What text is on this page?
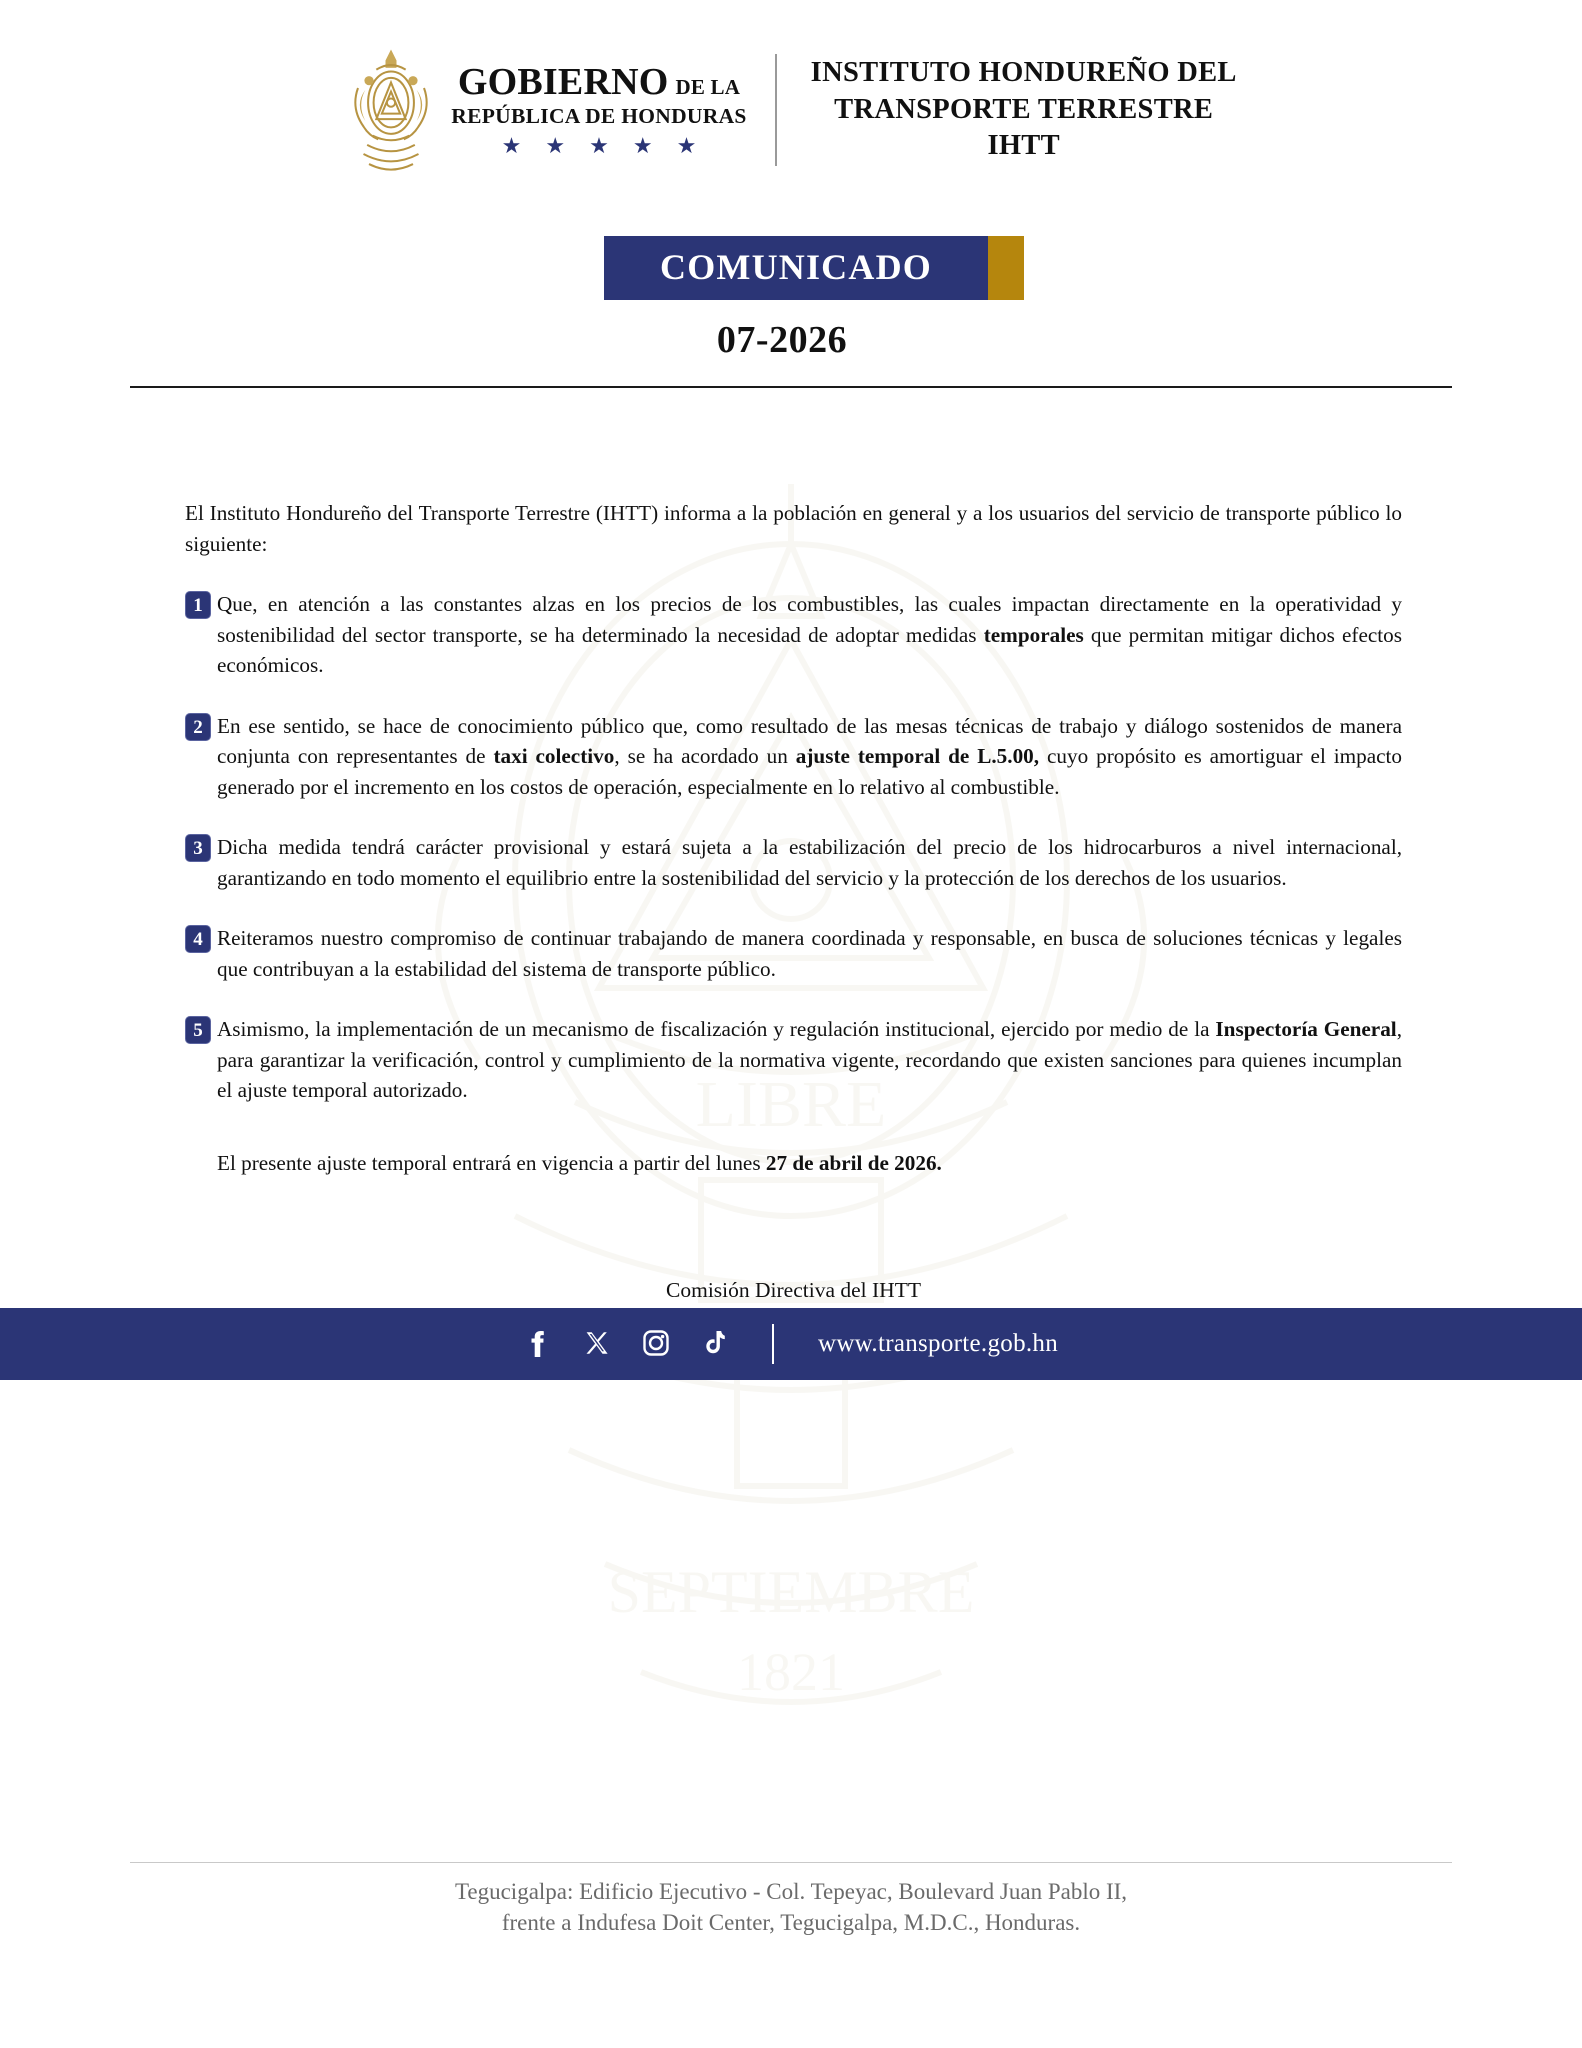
SEPTIEMBRE
1821
LIBRE
GOBIERNO DE LA
REPÚBLICA DE HONDURAS
★ ★ ★ ★ ★
INSTITUTO HONDUREÑO DEL
TRANSPORTE TERRESTRE
IHTT
COMUNICADO
07-2026
El Instituto Hondureño del Transporte Terrestre (IHTT) informa a la población en general y a los usuarios del servicio de transporte público lo siguiente:
1 Que, en atención a las constantes alzas en los precios de los combustibles, las cuales impactan directamente en la operatividad y sostenibilidad del sector transporte, se ha determinado la necesidad de adoptar medidas temporales que permitan mitigar dichos efectos económicos.
2 En ese sentido, se hace de conocimiento público que, como resultado de las mesas técnicas de trabajo y diálogo sostenidos de manera conjunta con representantes de taxi colectivo, se ha acordado un ajuste temporal de L.5.00, cuyo propósito es amortiguar el impacto generado por el incremento en los costos de operación, especialmente en lo relativo al combustible.
3 Dicha medida tendrá carácter provisional y estará sujeta a la estabilización del precio de los hidrocarburos a nivel internacional, garantizando en todo momento el equilibrio entre la sostenibilidad del servicio y la protección de los derechos de los usuarios.
4 Reiteramos nuestro compromiso de continuar trabajando de manera coordinada y responsable, en busca de soluciones técnicas y legales que contribuyan a la estabilidad del sistema de transporte público.
5 Asimismo, la implementación de un mecanismo de fiscalización y regulación institucional, ejercido por medio de la Inspectoría General, para garantizar la verificación, control y cumplimiento de la normativa vigente, recordando que existen sanciones para quienes incumplan el ajuste temporal autorizado.
El presente ajuste temporal entrará en vigencia a partir del lunes 27 de abril de 2026.
Comisión Directiva del IHTT
Tegucigalpa: Edificio Ejecutivo - Col. Tepeyac, Boulevard Juan Pablo II,
frente a Indufesa Doit Center, Tegucigalpa, M.D.C., Honduras.
www.transporte.gob.hn
